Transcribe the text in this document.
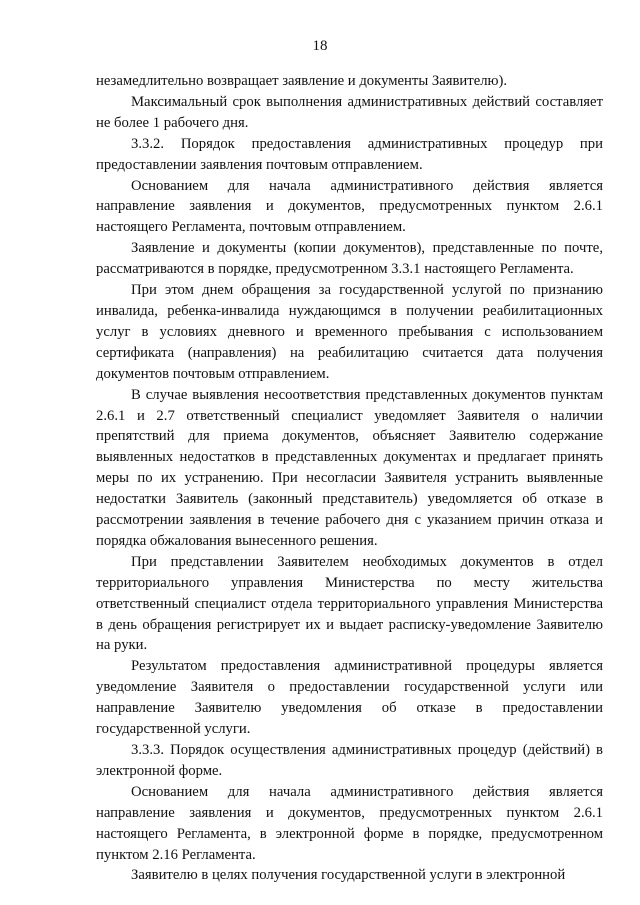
18

незамедлительно возвращает заявление и документы Заявителю).

Максимальный срок выполнения административных действий составляет не более 1 рабочего дня.

3.3.2. Порядок предоставления административных процедур при предоставлении заявления почтовым отправлением.

Основанием для начала административного действия является направление заявления и документов, предусмотренных пунктом 2.6.1 настоящего Регламента, почтовым отправлением.

Заявление и документы (копии документов), представленные по почте, рассматриваются в порядке, предусмотренном 3.3.1 настоящего Регламента.

При этом днем обращения за государственной услугой по признанию инвалида, ребенка-инвалида нуждающимся в получении реабилитационных услуг в условиях дневного и временного пребывания с использованием сертификата (направления) на реабилитацию считается дата получения документов почтовым отправлением.

В случае выявления несоответствия представленных документов пунктам 2.6.1 и 2.7 ответственный специалист уведомляет Заявителя о наличии препятствий для приема документов, объясняет Заявителю содержание выявленных недостатков в представленных документах и предлагает принять меры по их устранению. При несогласии Заявителя устранить выявленные недостатки Заявитель (законный представитель) уведомляется об отказе в рассмотрении заявления в течение рабочего дня с указанием причин отказа и порядка обжалования вынесенного решения.

При представлении Заявителем необходимых документов в отдел территориального управления Министерства по месту жительства ответственный специалист отдела территориального управления Министерства в день обращения регистрирует их и выдает расписку-уведомление Заявителю на руки.

Результатом предоставления административной процедуры является уведомление Заявителя о предоставлении государственной услуги или направление Заявителю уведомления об отказе в предоставлении государственной услуги.

3.3.3. Порядок осуществления административных процедур (действий) в электронной форме.

Основанием для начала административного действия является направление заявления и документов, предусмотренных пунктом 2.6.1 настоящего Регламента, в электронной форме в порядке, предусмотренном пунктом 2.16 Регламента.

Заявителю в целях получения государственной услуги в электронной
